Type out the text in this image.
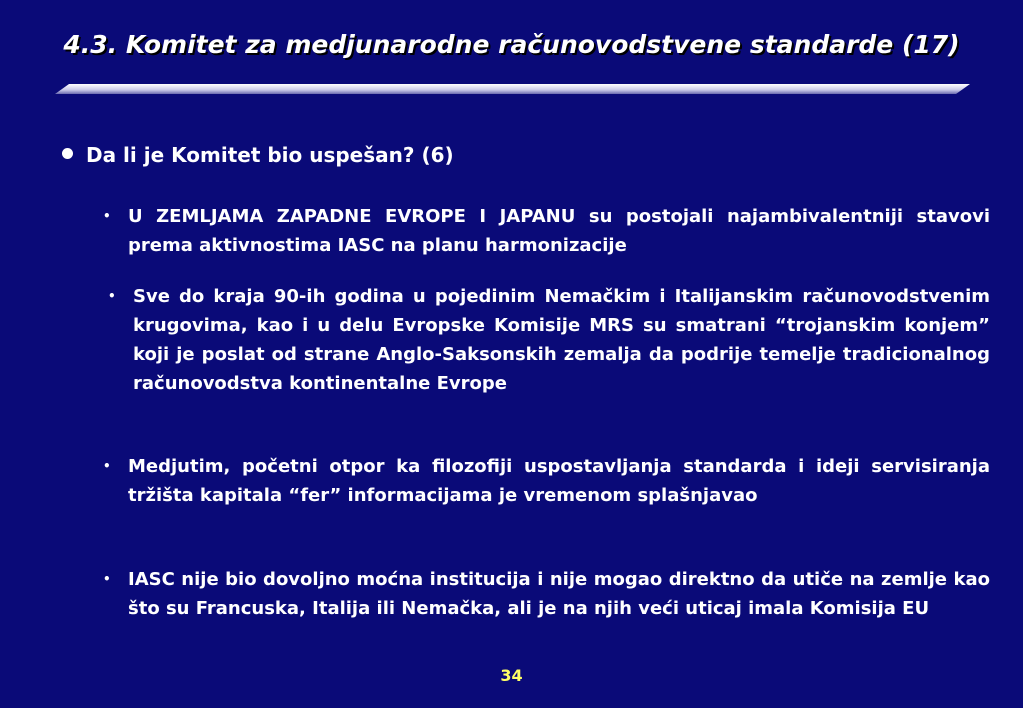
4.3. Komitet za medjunarodne računovodstvene standarde (17)
Da li je Komitet bio uspešan? (6)
• U ZEMLJAMA ZAPADNE EVROPE I JAPANU su postojali najambivalentniji stavovi prema aktivnostima IASC na planu harmonizacije

• Sve do kraja 90-ih godina u pojedinim Nemačkim i Italijanskim računovodstvenim krugovima, kao i u delu Evropske Komisije MRS su smatrani “trojanskim konjem” koji je poslat od strane Anglo-Saksonskih zemalja da podrije temelje tradicionalnog računovodstva kontinentalne Evrope

• Medjutim, početni otpor ka filozofiji uspostavljanja standarda i ideji servisiranja tržišta kapitala “fer” informacijama je vremenom splašnjavao

• IASC nije bio dovoljno moćna institucija i nije mogao direktno da utiče na zemlje kao što su Francuska, Italija ili Nemačka, ali je na njih veći uticaj imala Komisija EU

34
